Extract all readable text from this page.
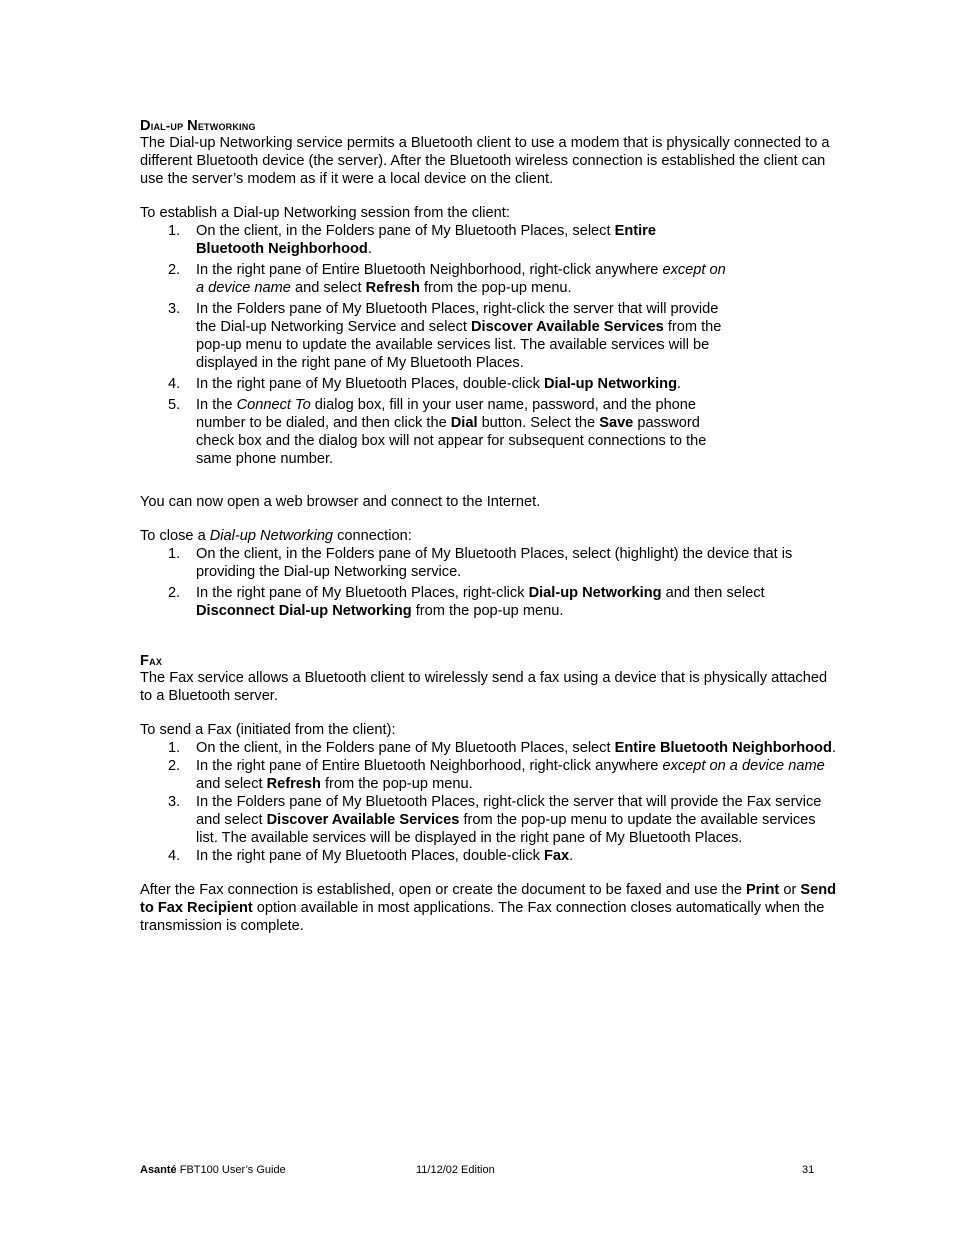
Dial-up Networking

The Dial-up Networking service permits a Bluetooth client to use a modem that is physically connected to a different Bluetooth device (the server). After the Bluetooth wireless connection is established the client can use the server’s modem as if it were a local device on the client.

To establish a Dial-up Networking session from the client:

1. On the client, in the Folders pane of My Bluetooth Places, select Entire Bluetooth Neighborhood.
2. In the right pane of Entire Bluetooth Neighborhood, right-click anywhere except on a device name and select Refresh from the pop-up menu.
3. In the Folders pane of My Bluetooth Places, right-click the server that will provide the Dial-up Networking Service and select Discover Available Services from the pop-up menu to update the available services list. The available services will be displayed in the right pane of My Bluetooth Places.
4. In the right pane of My Bluetooth Places, double-click Dial-up Networking.
5. In the Connect To dialog box, fill in your user name, password, and the phone number to be dialed, and then click the Dial button. Select the Save password check box and the dialog box will not appear for subsequent connections to the same phone number.

You can now open a web browser and connect to the Internet.

To close a Dial-up Networking connection:

1. On the client, in the Folders pane of My Bluetooth Places, select (highlight) the device that is providing the Dial-up Networking service.
2. In the right pane of My Bluetooth Places, right-click Dial-up Networking and then select Disconnect Dial-up Networking from the pop-up menu.
Fax

The Fax service allows a Bluetooth client to wirelessly send a fax using a device that is physically attached to a Bluetooth server.

To send a Fax (initiated from the client):

1. On the client, in the Folders pane of My Bluetooth Places, select Entire Bluetooth Neighborhood.
2. In the right pane of Entire Bluetooth Neighborhood, right-click anywhere except on a device name and select Refresh from the pop-up menu.
3. In the Folders pane of My Bluetooth Places, right-click the server that will provide the Fax service and select Discover Available Services from the pop-up menu to update the available services list. The available services will be displayed in the right pane of My Bluetooth Places.
4. In the right pane of My Bluetooth Places, double-click Fax.

After the Fax connection is established, open or create the document to be faxed and use the Print or Send to Fax Recipient option available in most applications. The Fax connection closes automatically when the transmission is complete.

Asanté FBT100 User’s Guide	11/12/02 Edition	31
